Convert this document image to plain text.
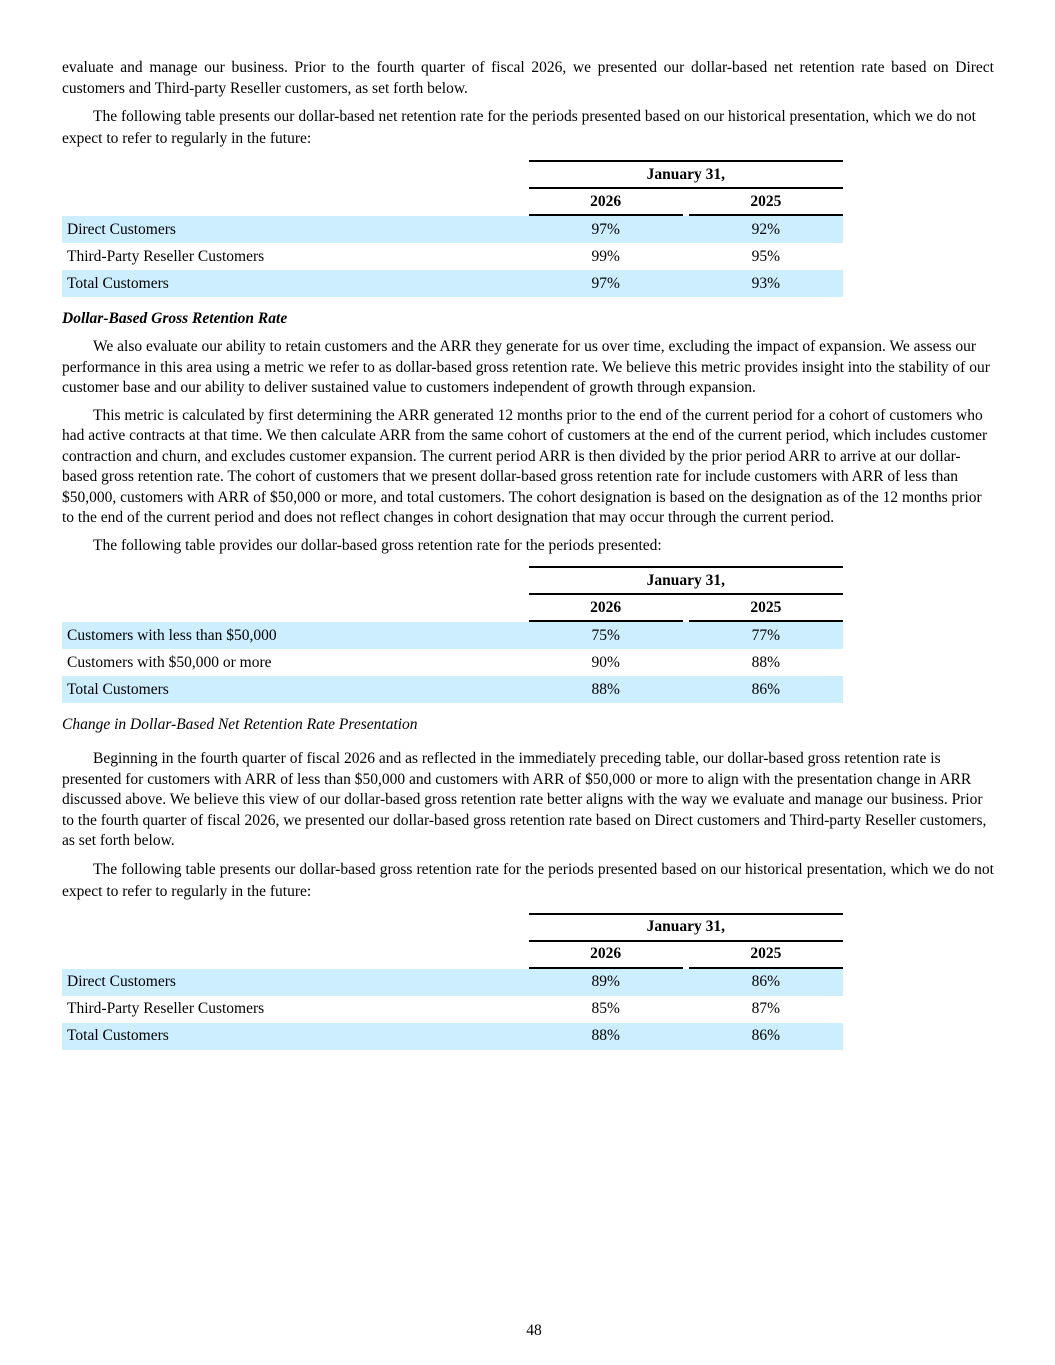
evaluate and manage our business. Prior to the fourth quarter of fiscal 2026, we presented our dollar-based net retention rate based on Direct customers and Third-party Reseller customers, as set forth below.

The following table presents our dollar-based net retention rate for the periods presented based on our historical presentation, which we do not expect to refer to regularly in the future:

	January 31,		
	2026		2025
Direct Customers	97%		92%
Third-Party Reseller Customers	99%		95%
Total Customers	97%		93%

Dollar-Based Gross Retention Rate

We also evaluate our ability to retain customers and the ARR they generate for us over time, excluding the impact of expansion. We assess our performance in this area using a metric we refer to as dollar-based gross retention rate. We believe this metric provides insight into the stability of our customer base and our ability to deliver sustained value to customers independent of growth through expansion.

This metric is calculated by first determining the ARR generated 12 months prior to the end of the current period for a cohort of customers who had active contracts at that time. We then calculate ARR from the same cohort of customers at the end of the current period, which includes customer contraction and churn, and excludes customer expansion. The current period ARR is then divided by the prior period ARR to arrive at our dollar-based gross retention rate. The cohort of customers that we present dollar-based gross retention rate for include customers with ARR of less than $50,000, customers with ARR of $50,000 or more, and total customers. The cohort designation is based on the designation as of the 12 months prior to the end of the current period and does not reflect changes in cohort designation that may occur through the current period.

The following table provides our dollar-based gross retention rate for the periods presented:

	January 31,		
	2026		2025
Customers with less than $50,000	75%		77%
Customers with $50,000 or more	90%		88%
Total Customers	88%		86%

Change in Dollar-Based Net Retention Rate Presentation

Beginning in the fourth quarter of fiscal 2026 and as reflected in the immediately preceding table, our dollar-based gross retention rate is presented for customers with ARR of less than $50,000 and customers with ARR of $50,000 or more to align with the presentation change in ARR discussed above. We believe this view of our dollar-based gross retention rate better aligns with the way we evaluate and manage our business. Prior to the fourth quarter of fiscal 2026, we presented our dollar-based gross retention rate based on Direct customers and Third-party Reseller customers, as set forth below.

The following table presents our dollar-based gross retention rate for the periods presented based on our historical presentation, which we do not expect to refer to regularly in the future:

	January 31,		
	2026		2025
Direct Customers	89%		86%
Third-Party Reseller Customers	85%		87%
Total Customers	88%		86%
48
